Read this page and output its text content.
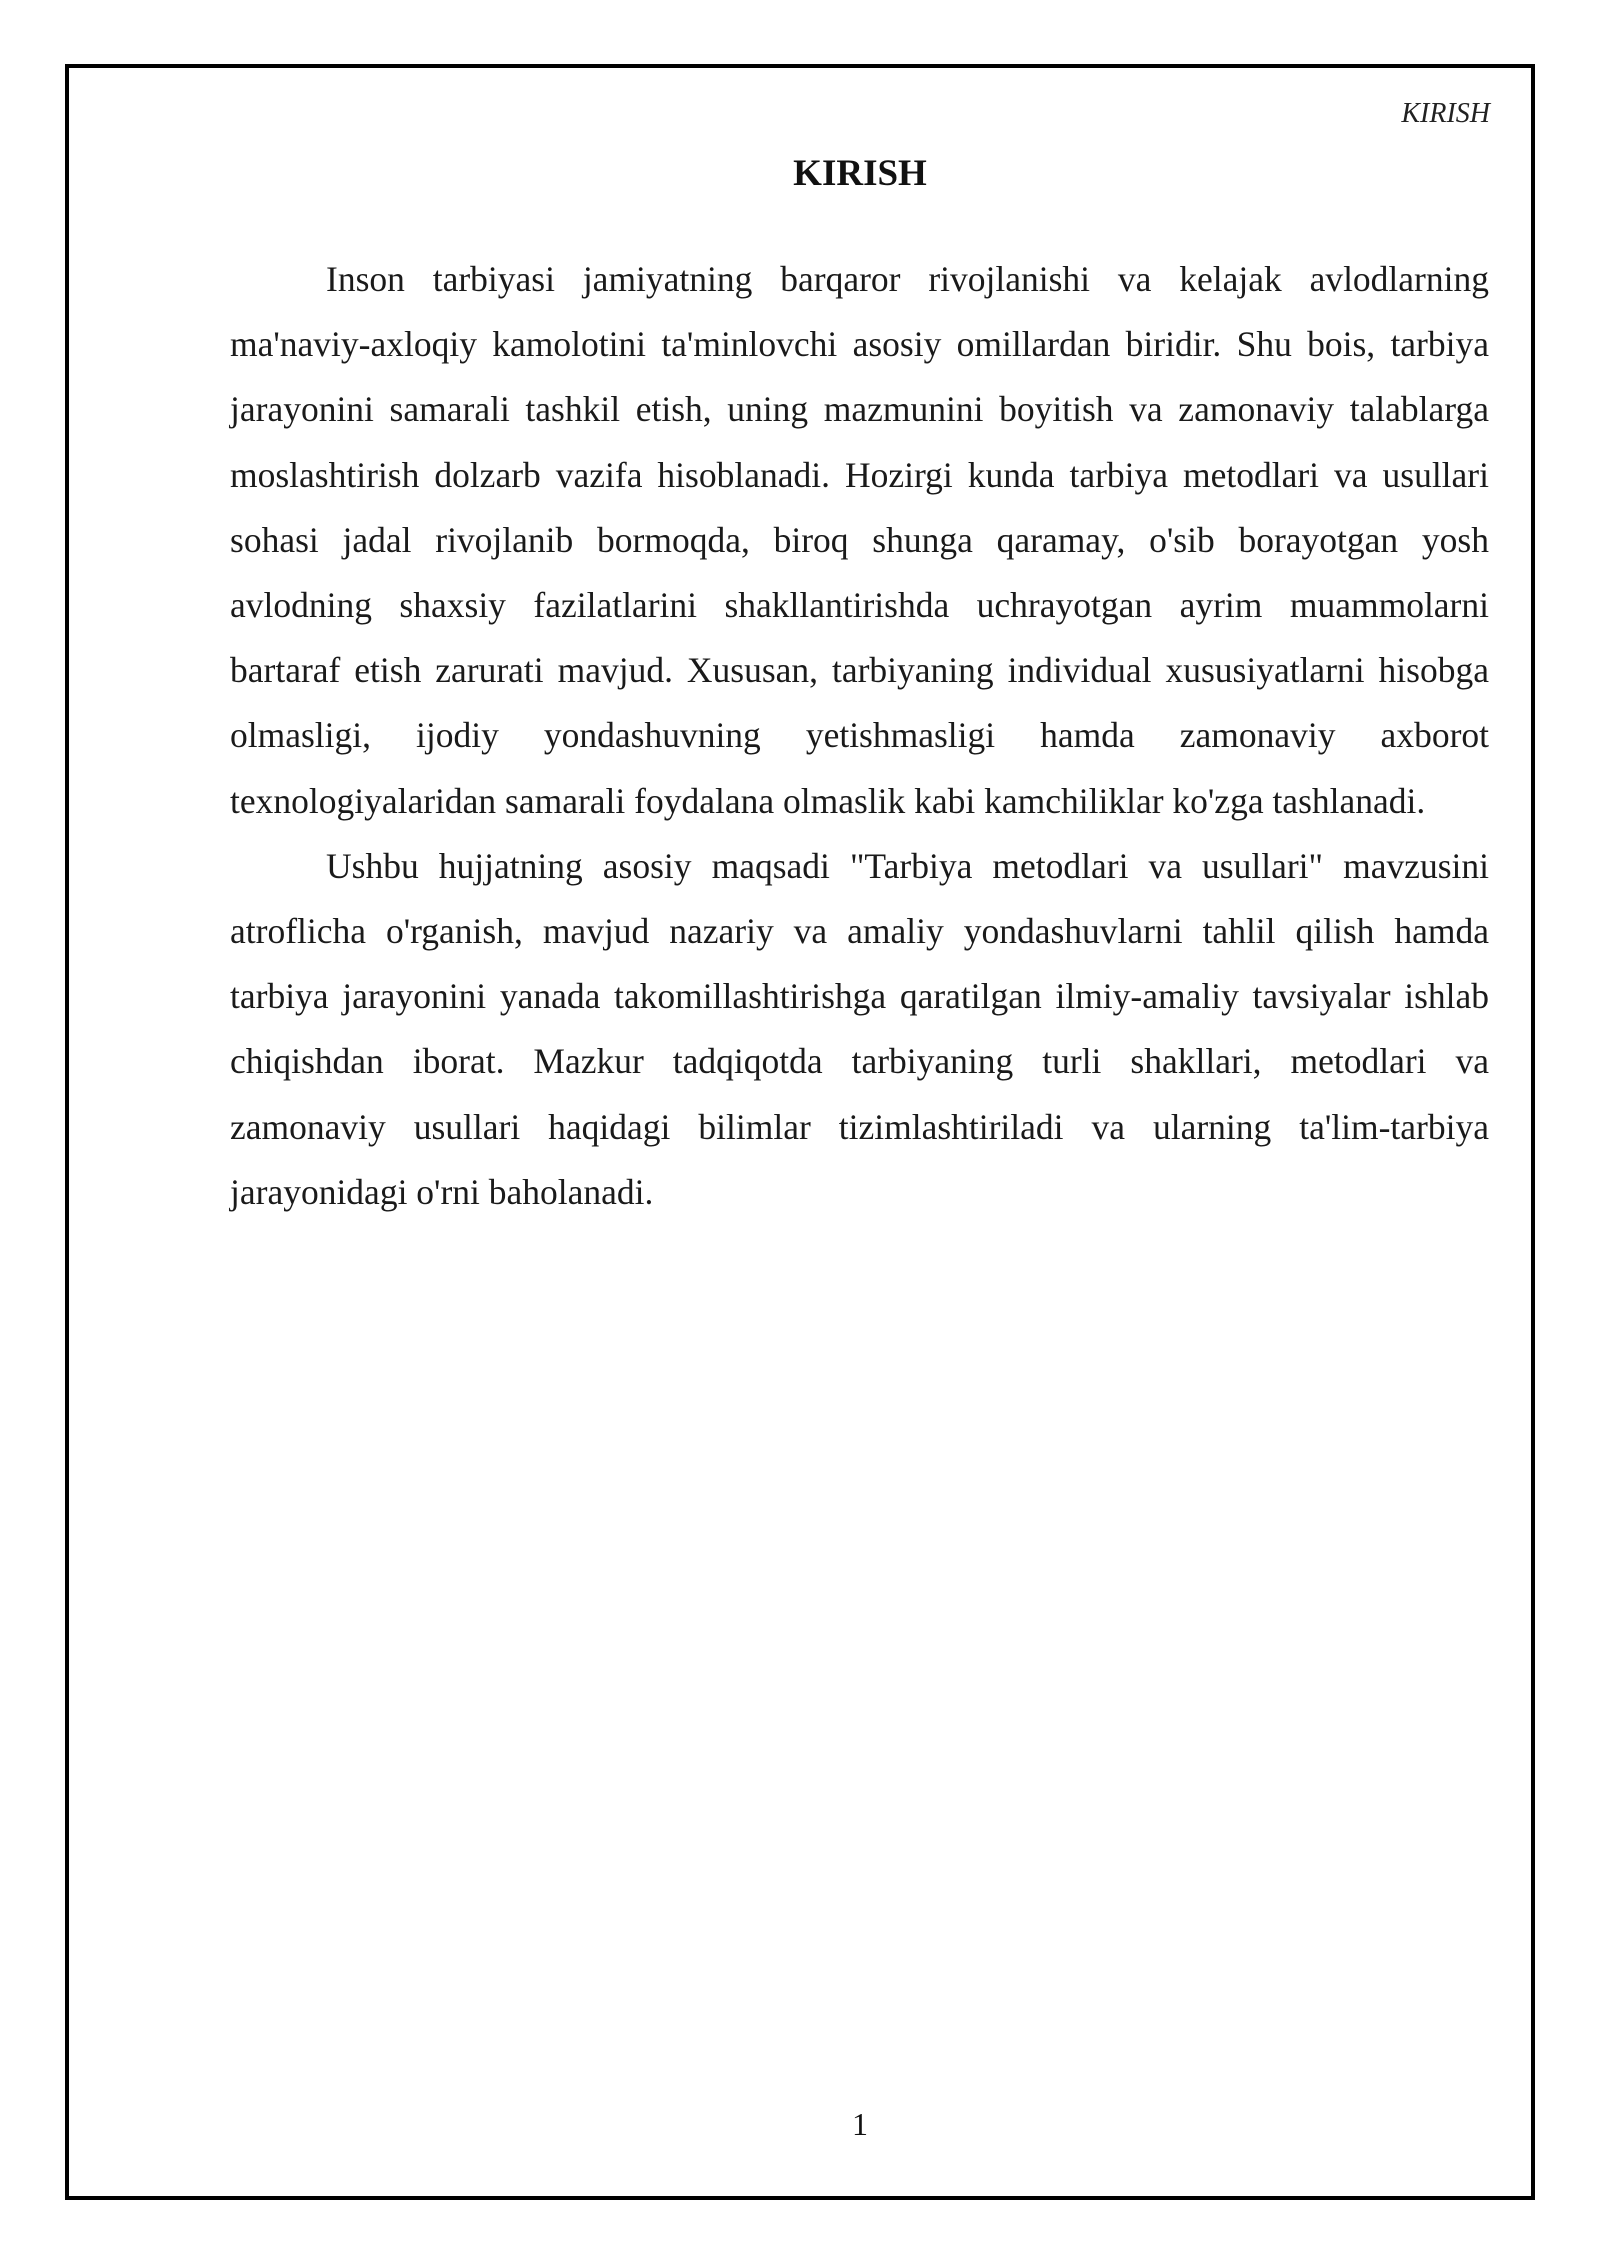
KIRISH
KIRISH

Inson tarbiyasi jamiyatning barqaror rivojlanishi va kelajak avlodlarning ma'naviy-axloqiy kamolotini ta'minlovchi asosiy omillardan biridir. Shu bois, tarbiya jarayonini samarali tashkil etish, uning mazmunini boyitish va zamonaviy talablarga moslashtirish dolzarb vazifa hisoblanadi. Hozirgi kunda tarbiya metodlari va usullari sohasi jadal rivojlanib bormoqda, biroq shunga qaramay, o'sib borayotgan yosh avlodning shaxsiy fazilatlarini shakllantirishda uchrayotgan ayrim muammolarni bartaraf etish zarurati mavjud. Xususan, tarbiyaning individual xususiyatlarni hisobga olmasligi, ijodiy yondashuvning yetishmasligi hamda zamonaviy axborot texnologiyalaridan samarali foydalana olmaslik kabi kamchiliklar ko'zga tashlanadi.

Ushbu hujjatning asosiy maqsadi "Tarbiya metodlari va usullari" mavzusini atroflicha o'rganish, mavjud nazariy va amaliy yondashuvlarni tahlil qilish hamda tarbiya jarayonini yanada takomillashtirishga qaratilgan ilmiy-amaliy tavsiyalar ishlab chiqishdan iborat. Mazkur tadqiqotda tarbiyaning turli shakllari, metodlari va zamonaviy usullari haqidagi bilimlar tizimlashtiriladi va ularning ta'lim-tarbiya jarayonidagi o'rni baholanadi.

1
